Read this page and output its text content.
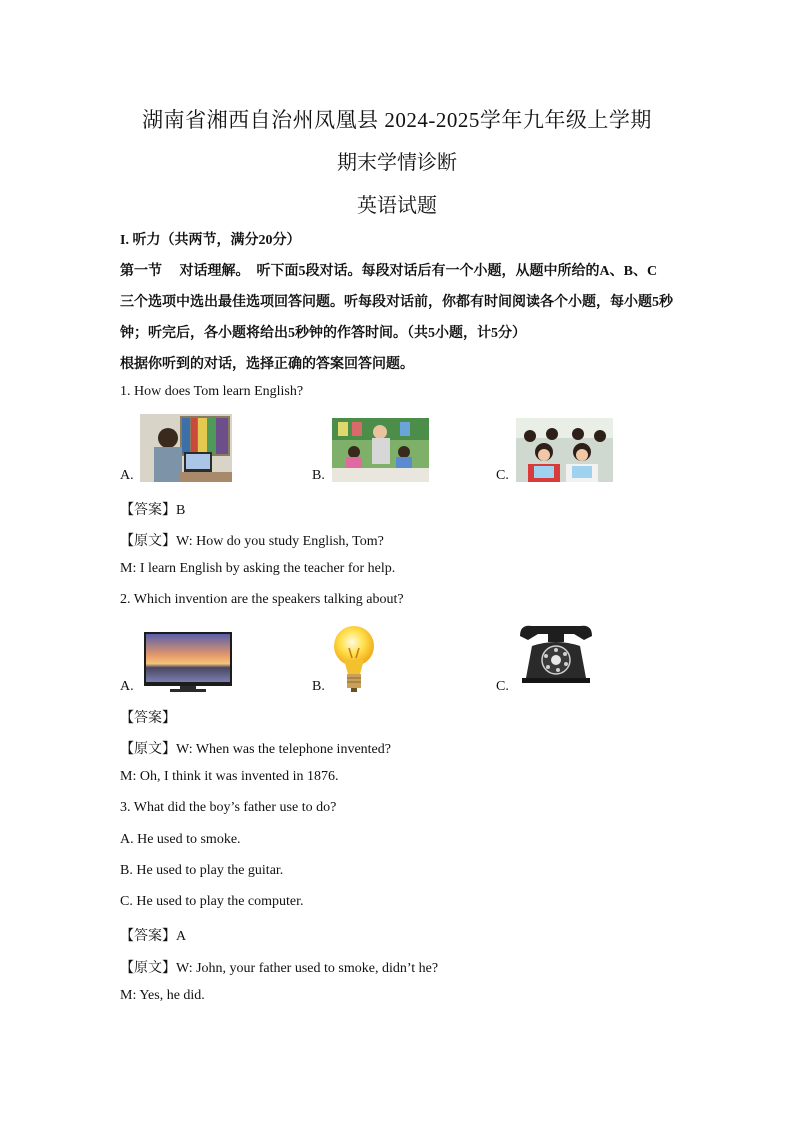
湖南省湘西自治州凤凰县 2024-2025学年九年级上学期
期末学情诊断
英语试题
I. 听力（共两节，满分20分）
第一节　 对话理解。　听下面5段对话。每段对话后有一个小题，从题中所给的A、B、C
三个选项中选出最佳选项回答问题。听每段对话前，你都有时间阅读各个小题，每小题5秒
钟；听完后，各小题将给出5秒钟的作答时间。（共5小题，计5分）
根据你听到的对话，选择正确的答案回答问题。
1. How does Tom learn English?
A.	B.	C.
【答案】B
【原文】W: How do you study English, Tom?
M: I learn English by asking the teacher for help.
2. Which invention are the speakers talking about?
A.	B.	C.
【答案】
【原文】W: When was the telephone invented?
M: Oh, I think it was invented in 1876.
3. What did the boy’s father use to do?
A. He used to smoke.
B. He used to play the guitar.
C. He used to play the computer.
【答案】A
【原文】W: John, your father used to smoke, didn’t he?
M: Yes, he did.
